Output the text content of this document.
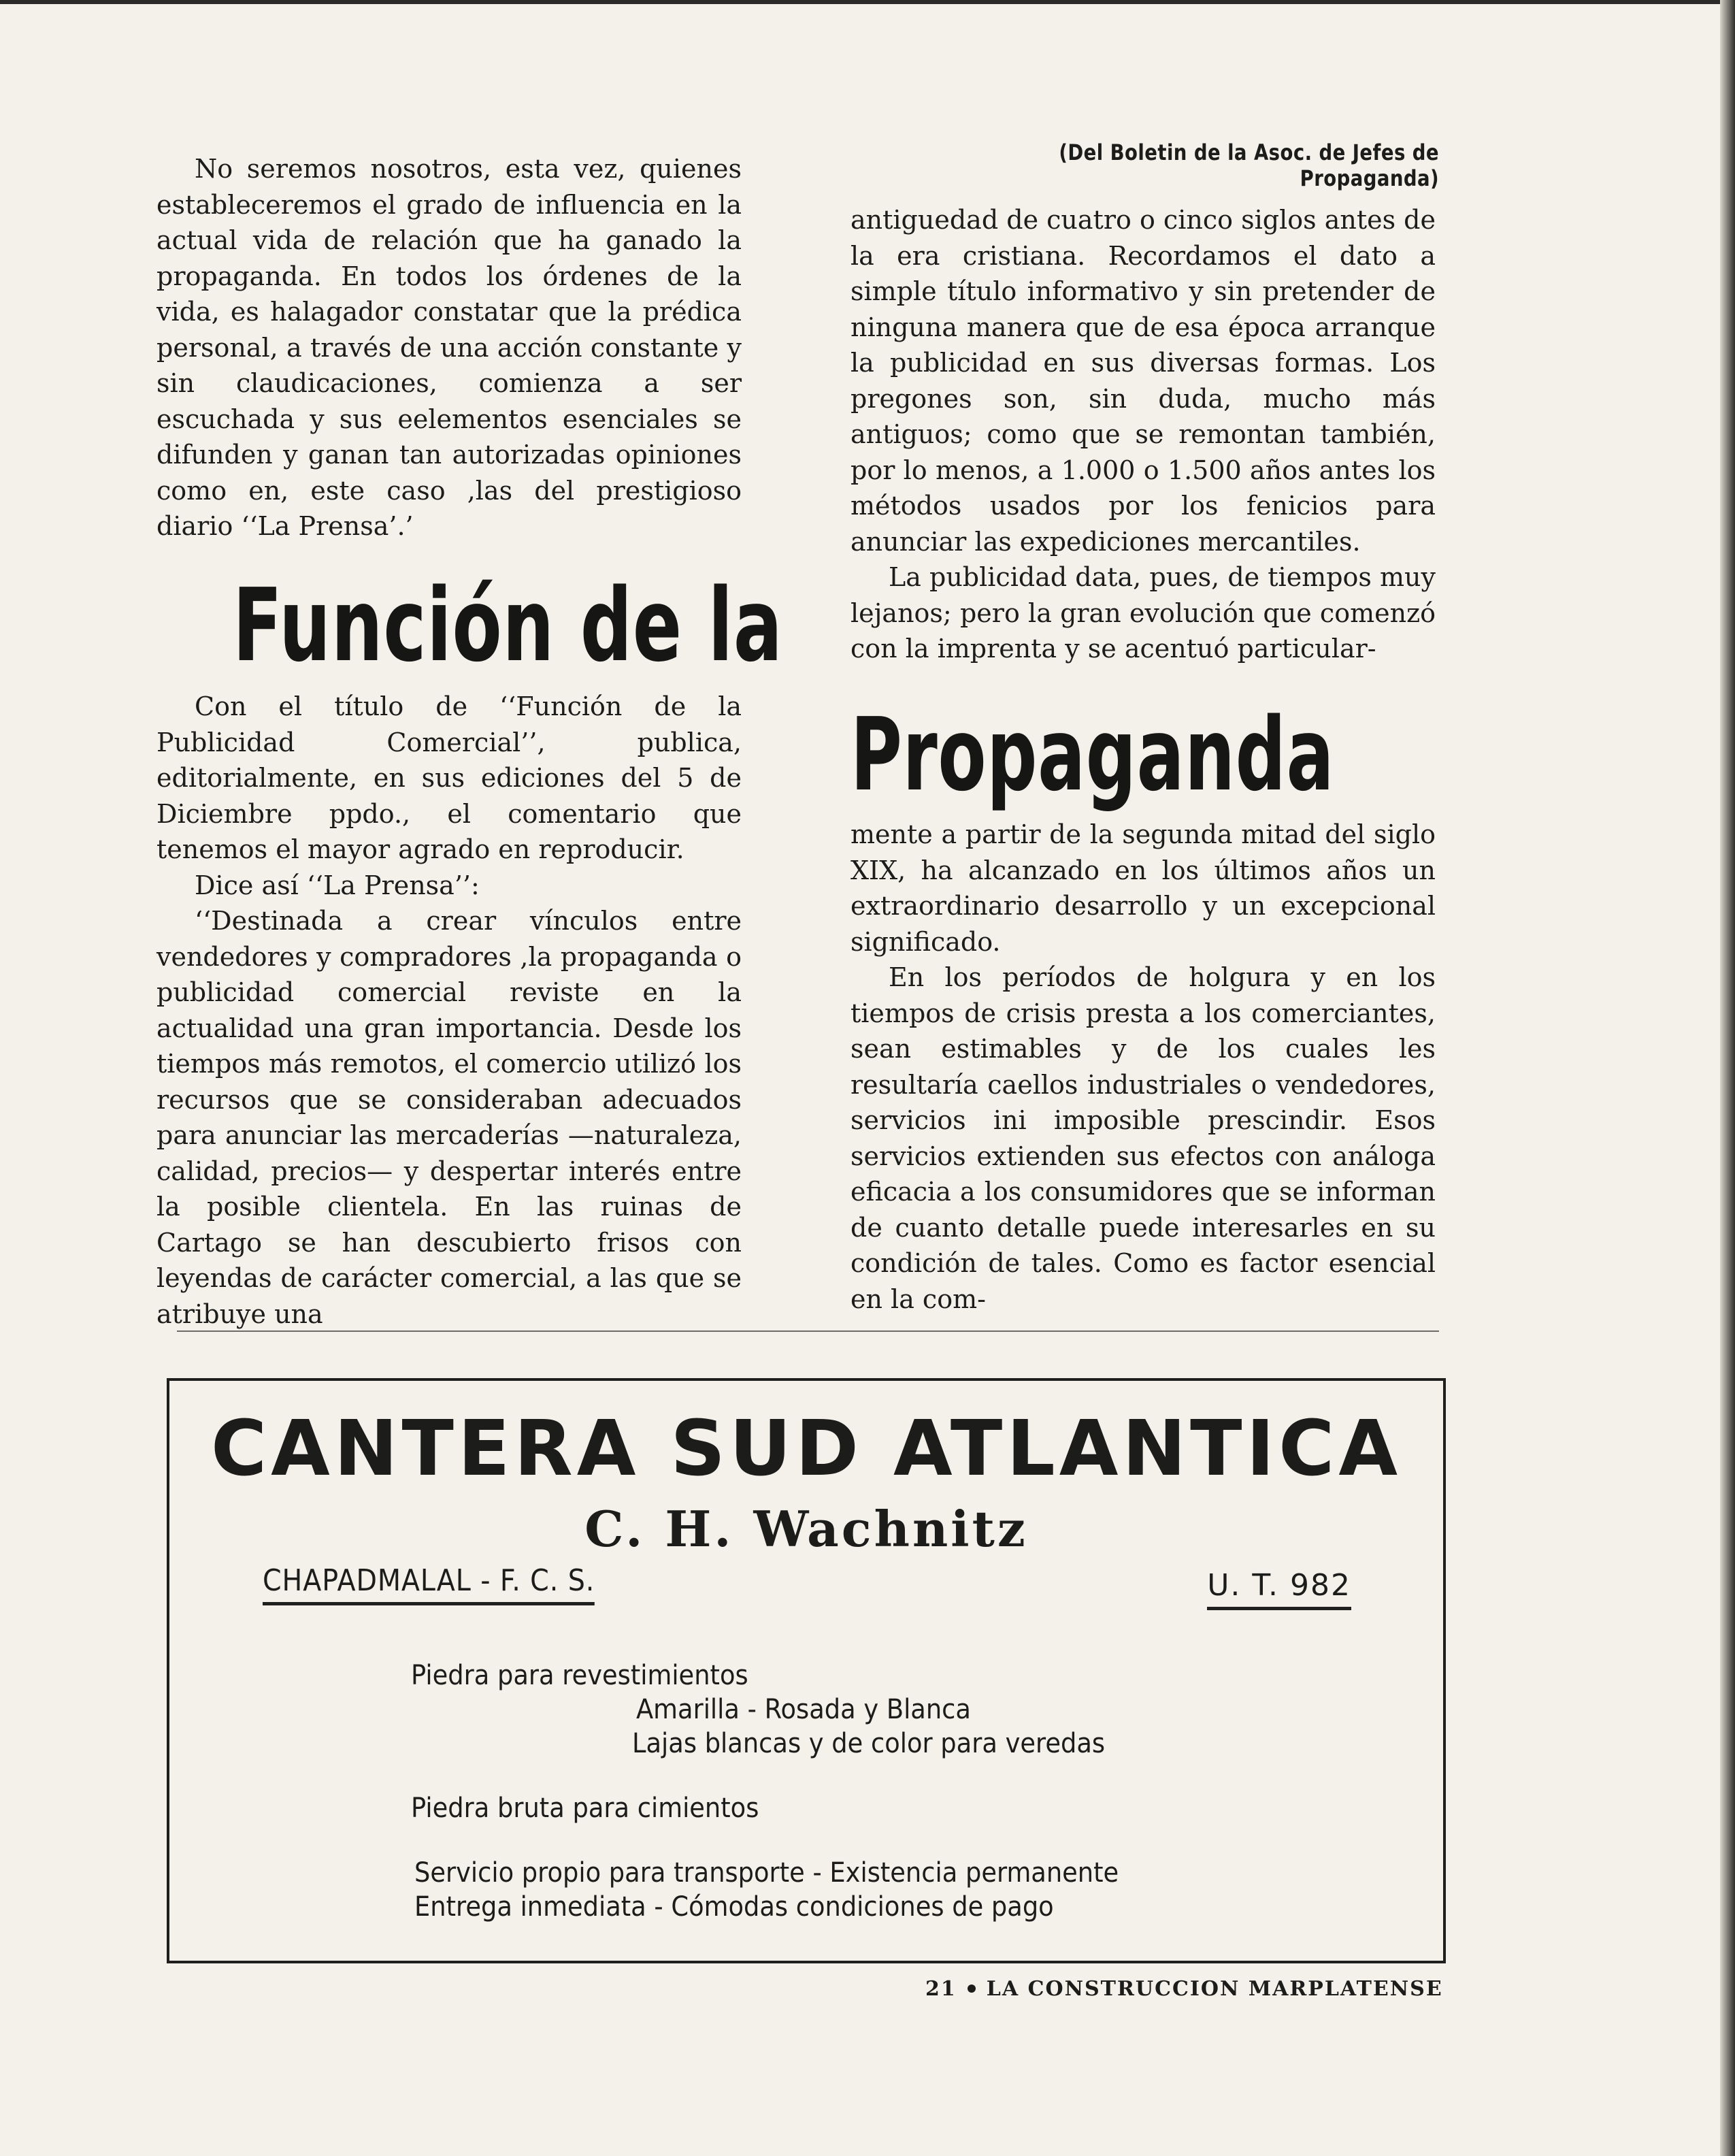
No seremos nosotros, esta vez, quienes estableceremos el grado de influencia en la actual vida de relación que ha ganado la propaganda. En todos los órdenes de la vida, es halagador constatar que la prédica personal, a través de una acción constante y sin claudicaciones, comienza a ser escuchada y sus eelementos esenciales se difunden y ganan tan autorizadas opiniones como en, este caso ,las del prestigioso diario ‘‘La Prensa’.’

(Del Boletin de la Asoc. de Jefes de Propaganda)
Función de la

Con el título de ‘‘Función de la Publicidad Comercial’’, publica, editorialmente, en sus ediciones del 5 de Diciembre ppdo., el comentario que tenemos el mayor agrado en reproducir.

Dice así ‘‘La Prensa’’:

‘‘Destinada a crear vínculos entre vendedores y compradores ,la propaganda o publicidad comercial reviste en la actualidad una gran importancia. Desde los tiempos más remotos, el comercio utilizó los recursos que se consideraban adecuados para anunciar las mercaderías —naturaleza, calidad, precios— y despertar interés entre la posible clientela. En las ruinas de Cartago se han descubierto frisos con leyendas de carácter comercial, a las que se atribuye una

antiguedad de cuatro o cinco siglos antes de la era cristiana. Recordamos el dato a simple título informativo y sin pretender de ninguna manera que de esa época arranque la publicidad en sus diversas formas. Los pregones son, sin duda, mucho más antiguos; como que se remontan también, por lo menos, a 1.000 o 1.500 años antes los métodos usados por los fenicios para anunciar las expediciones mercantiles.

La publicidad data, pues, de tiempos muy lejanos; pero la gran evolución que comenzó con la imprenta y se acentuó particular-

Propaganda

mente a partir de la segunda mitad del siglo XIX, ha alcanzado en los últimos años un extraordinario desarrollo y un excepcional significado.

En los períodos de holgura y en los tiempos de crisis presta a los comerciantes, sean estimables y de los cuales les resultaría caellos industriales o vendedores, servicios ini imposible prescindir. Esos servicios extienden sus efectos con análoga eficacia a los consumidores que se informan de cuanto detalle puede interesarles en su condición de tales. Como es factor esencial en la com-

CANTERA SUD ATLANTICA
C. H. Wachnitz
CHAPADMALAL - F. C. S.	U. T. 982
Piedra para revestimientos
Amarilla - Rosada y Blanca
Lajas blancas y de color para veredas
Piedra bruta para cimientos
Servicio propio para transporte - Existencia permanente
Entrega inmediata - Cómodas condiciones de pago
21 LA CONSTRUCCION MARPLATENSE
